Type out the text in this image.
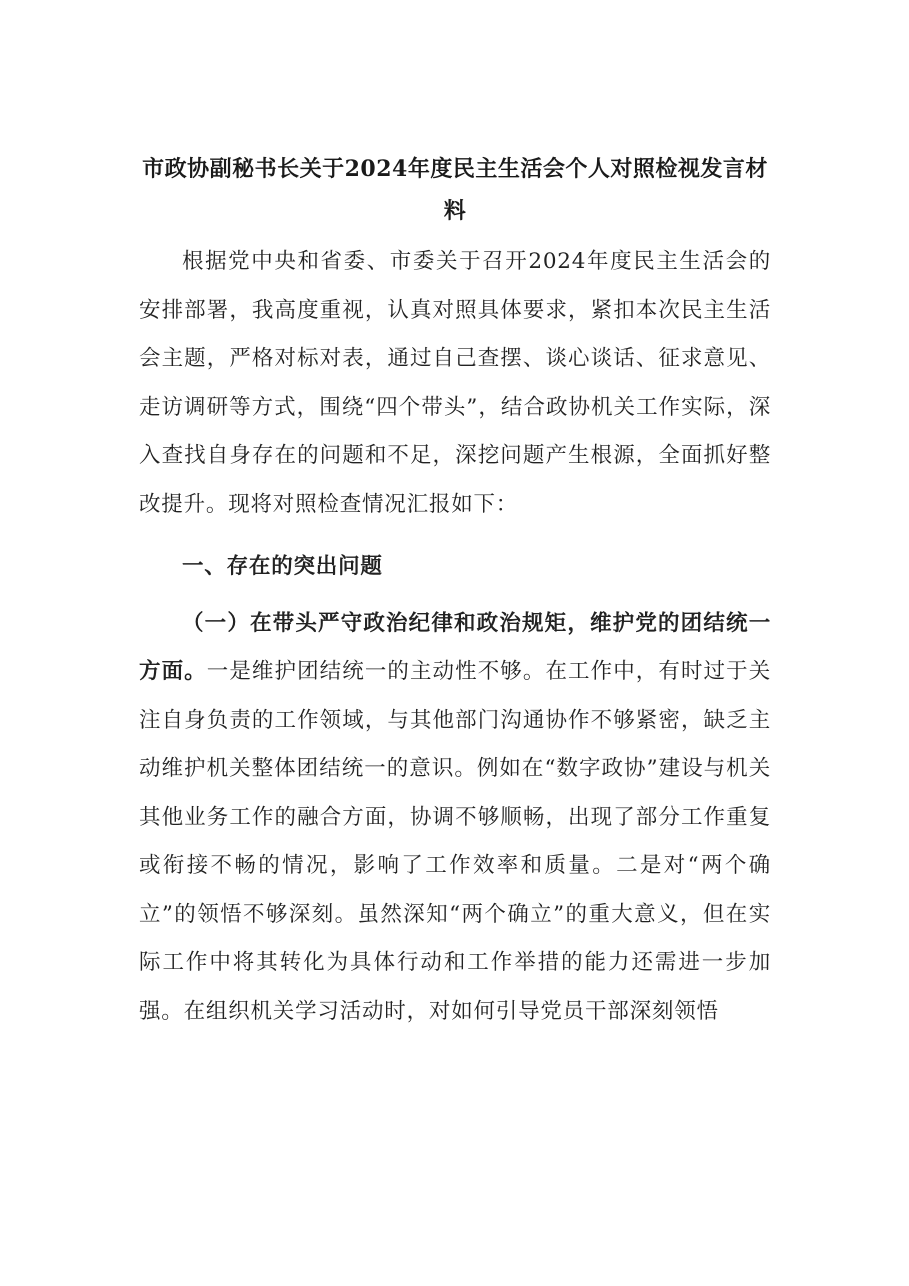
市政协副秘书长关于2024年度民主生活会个人对照检视发言材料

根据党中央和省委、市委关于召开2024年度民主生活会的安排部署，我高度重视，认真对照具体要求，紧扣本次民主生活会主题，严格对标对表，通过自己查摆、谈心谈话、征求意见、走访调研等方式，围绕“四个带头”，结合政协机关工作实际，深入查找自身存在的问题和不足，深挖问题产生根源，全面抓好整改提升。现将对照检查情况汇报如下：

一、存在的突出问题

（一）在带头严守政治纪律和政治规矩，维护党的团结统一方面。一是维护团结统一的主动性不够。在工作中，有时过于关注自身负责的工作领域，与其他部门沟通协作不够紧密，缺乏主动维护机关整体团结统一的意识。例如在“数字政协”建设与机关其他业务工作的融合方面，协调不够顺畅，出现了部分工作重复或衔接不畅的情况，影响了工作效率和质量。二是对“两个确立”的领悟不够深刻。虽然深知“两个确立”的重大意义，但在实际工作中将其转化为具体行动和工作举措的能力还需进一步加强。在组织机关学习活动时，对如何引导党员干部深刻领悟
